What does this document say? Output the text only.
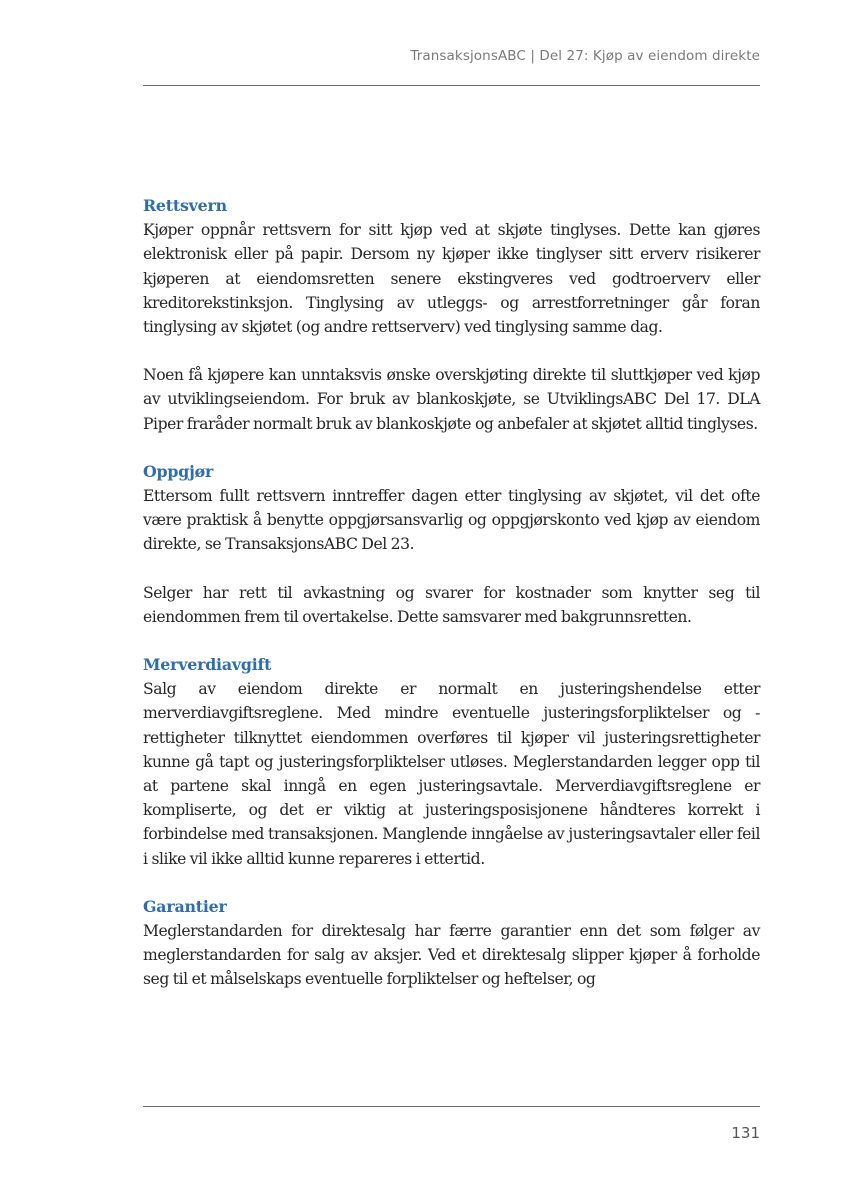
TransaksjonsABC | Del 27: Kjøp av eiendom direkte
Rettsvern

Kjøper oppnår rettsvern for sitt kjøp ved at skjøte tinglyses. Dette kan gjøres elektronisk eller på papir. Dersom ny kjøper ikke tinglyser sitt erverv risikerer kjøperen at eiendomsretten senere ekstingveres ved godtroerverv eller kreditorekstinksjon. Tinglysing av utleggs- og arrestforretninger går foran tinglysing av skjøtet (og andre rettserverv) ved tinglysing samme dag.

Noen få kjøpere kan unntaksvis ønske overskjøting direkte til sluttkjøper ved kjøp av utviklingseiendom. For bruk av blankoskjøte, se UtviklingsABC Del 17. DLA Piper fraråder normalt bruk av blankoskjøte og anbefaler at skjøtet alltid tinglyses.

Oppgjør

Ettersom fullt rettsvern inntreffer dagen etter tinglysing av skjøtet, vil det ofte være praktisk å benytte oppgjørsansvarlig og oppgjørskonto ved kjøp av eiendom direkte, se TransaksjonsABC Del 23.

Selger har rett til avkastning og svarer for kostnader som knytter seg til eiendommen frem til overtakelse. Dette samsvarer med bakgrunnsretten.

Merverdiavgift

Salg av eiendom direkte er normalt en justeringshendelse etter merverdiavgiftsreglene. Med mindre eventuelle justeringsforpliktelser og -rettigheter tilknyttet eiendommen overføres til kjøper vil justeringsrettigheter kunne gå tapt og justeringsforpliktelser utløses. Meglerstandarden legger opp til at partene skal inngå en egen justeringsavtale. Merverdiavgiftsreglene er kompliserte, og det er viktig at justeringsposisjonene håndteres korrekt i forbindelse med transaksjonen. Manglende inngåelse av justeringsavtaler eller feil i slike vil ikke alltid kunne repareres i ettertid.

Garantier

Meglerstandarden for direktesalg har færre garantier enn det som følger av meglerstandarden for salg av aksjer. Ved et direktesalg slipper kjøper å forholde seg til et målselskaps eventuelle forpliktelser og heftelser, og

131
